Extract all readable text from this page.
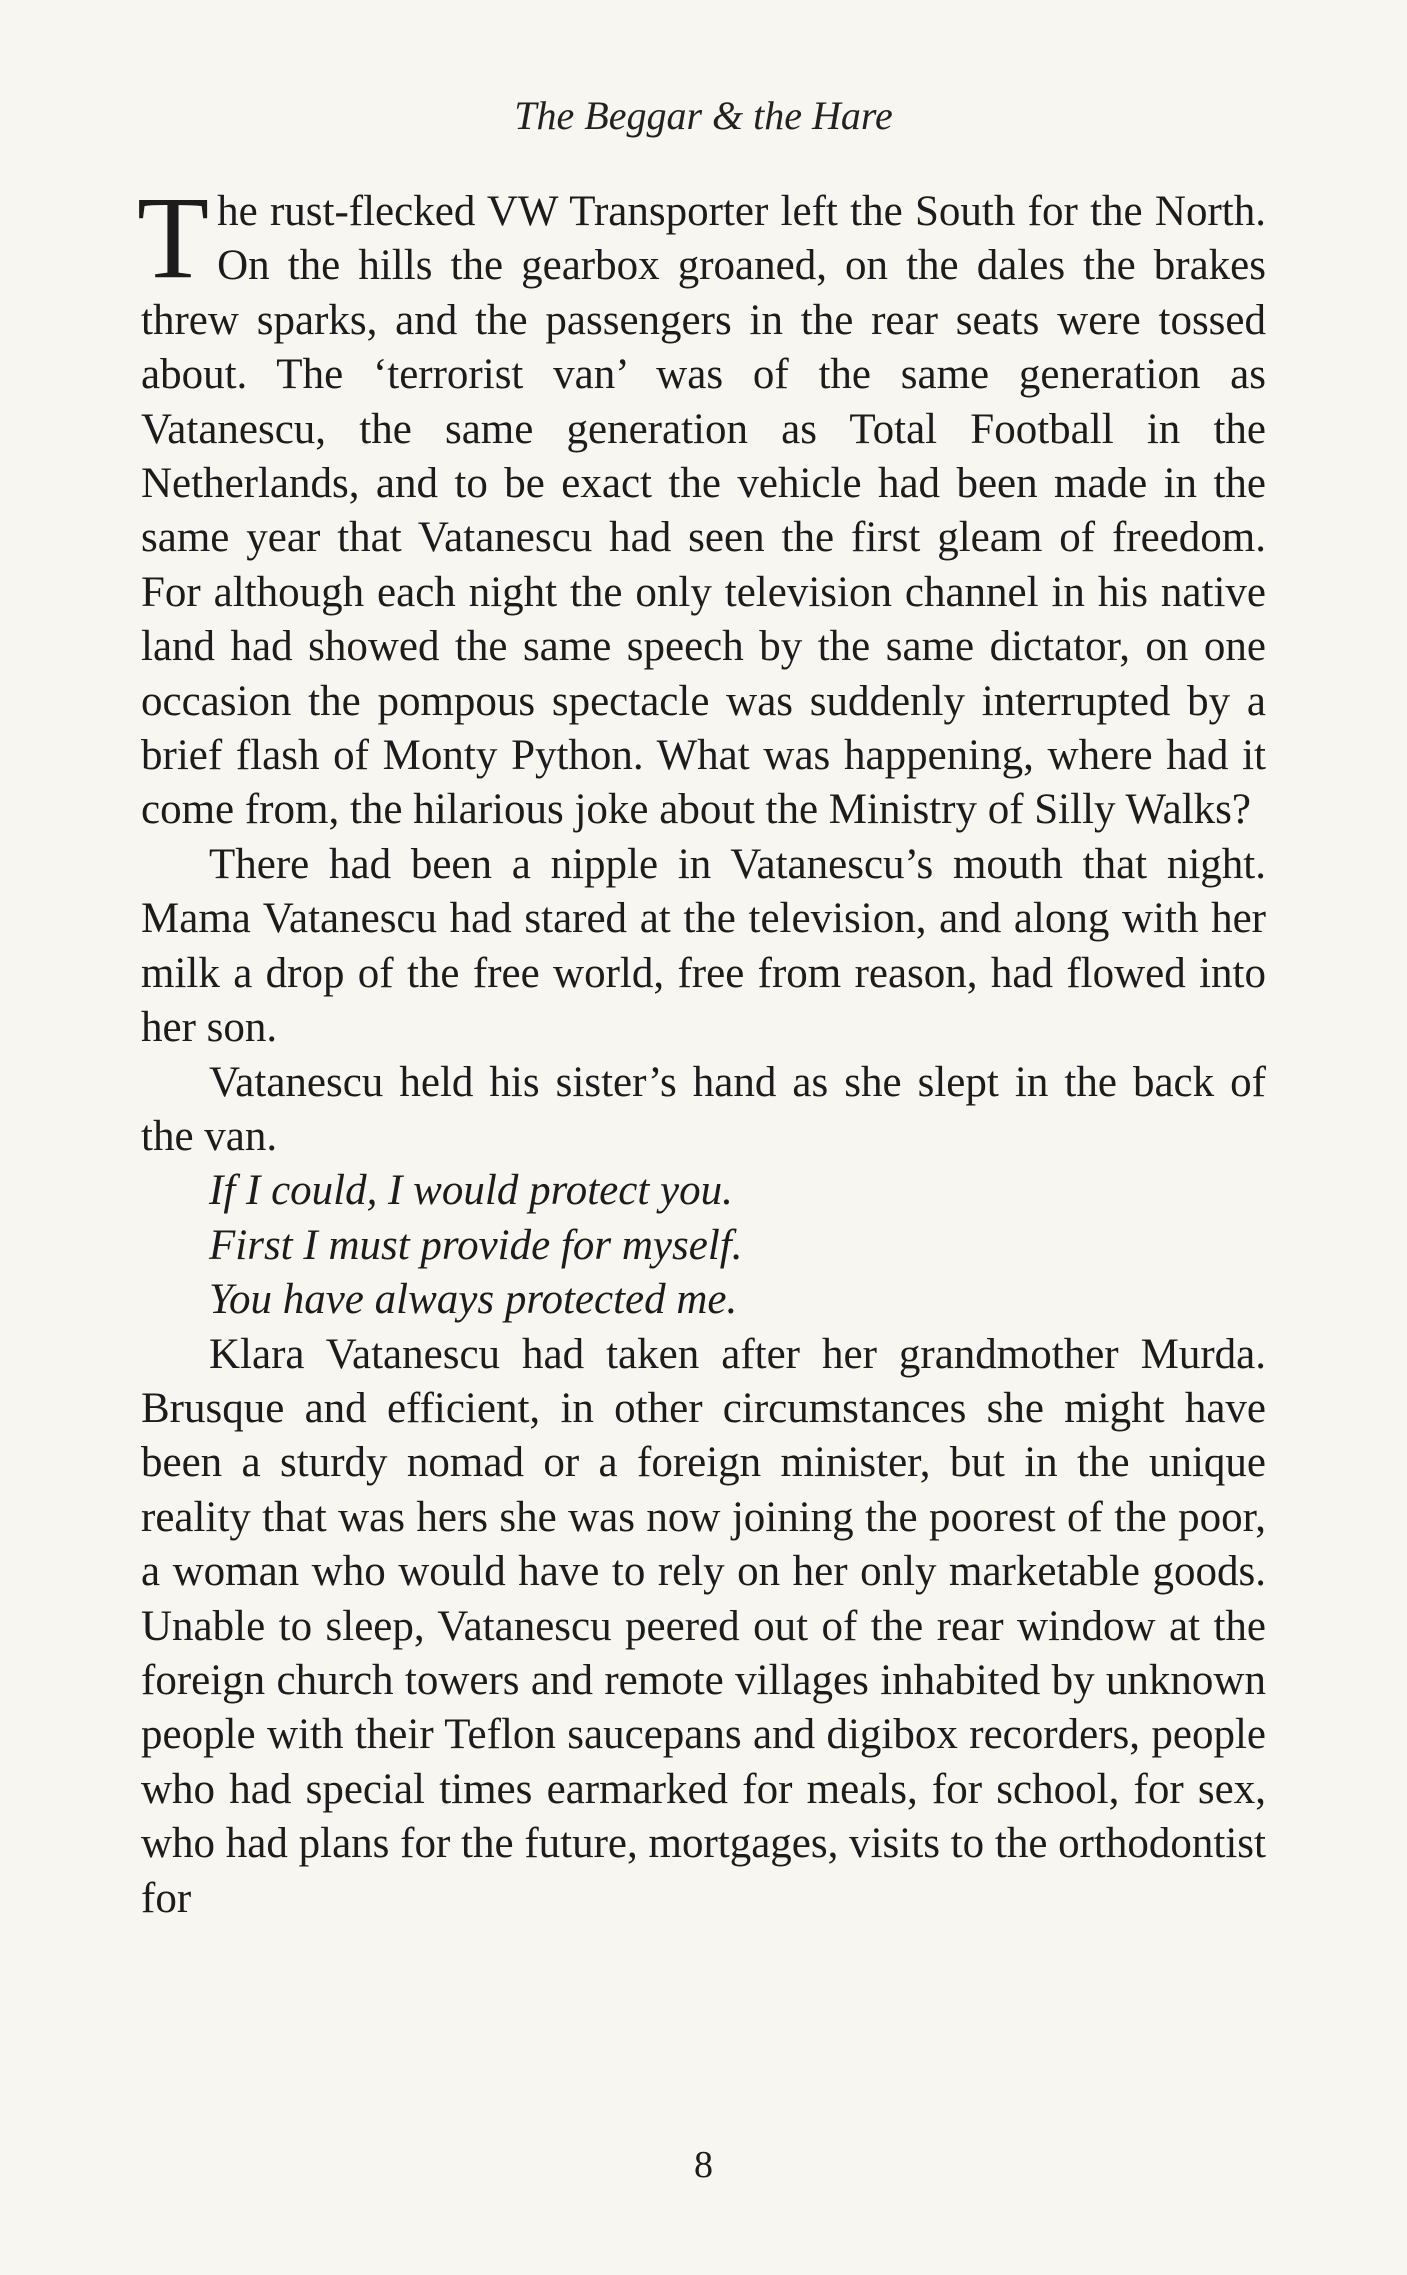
The Beggar & the Hare

The rust-flecked VW Transporter left the South for the North. On the hills the gearbox groaned, on the dales the brakes threw sparks, and the passengers in the rear seats were tossed about. The ‘terrorist van’ was of the same generation as Vatanescu, the same generation as Total Football in the Netherlands, and to be exact the vehicle had been made in the same year that Vatanescu had seen the first gleam of freedom. For although each night the only television channel in his native land had showed the same speech by the same dictator, on one occasion the pompous spectacle was suddenly interrupted by a brief flash of Monty Python. What was happening, where had it come from, the hilarious joke about the Ministry of Silly Walks?

There had been a nipple in Vatanescu’s mouth that night. Mama Vatanescu had stared at the television, and along with her milk a drop of the free world, free from reason, had flowed into her son.

Vatanescu held his sister’s hand as she slept in the back of the van.

If I could, I would protect you.

First I must provide for myself.

You have always protected me.

Klara Vatanescu had taken after her grandmother Murda. Brusque and efficient, in other circumstances she might have been a sturdy nomad or a foreign minister, but in the unique reality that was hers she was now joining the poorest of the poor, a woman who would have to rely on her only marketable goods. Unable to sleep, Vatanescu peered out of the rear window at the foreign church towers and remote villages inhabited by unknown people with their Teflon saucepans and digibox recorders, people who had special times earmarked for meals, for school, for sex, who had plans for the future, mortgages, visits to the orthodontist for

8
